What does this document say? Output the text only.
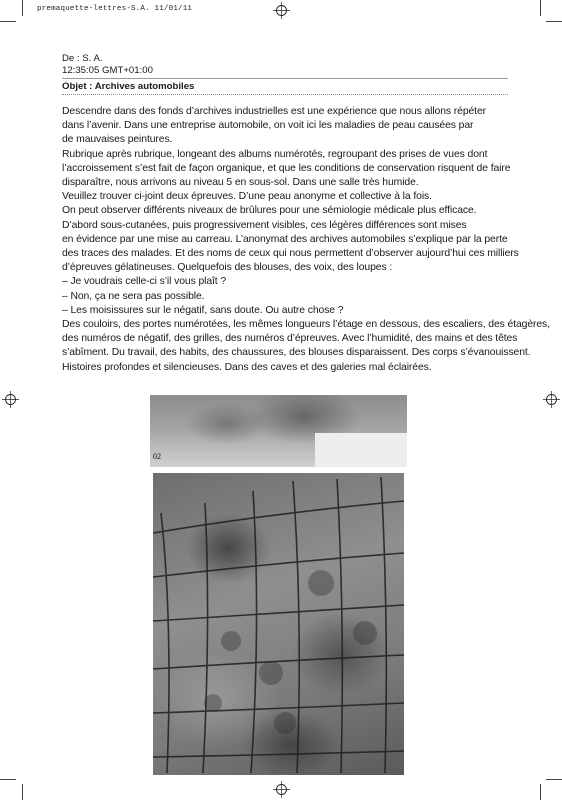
premaquette-lettres-S.A. 11/01/11
De : S. A.
12:35:05 GMT+01:00
Objet : Archives automobiles

Descendre dans des fonds d’archives industrielles est une expérience que nous allons répéter

dans l’avenir. Dans une entreprise automobile, on voit ici les maladies de peau causées par

de mauvaises peintures.

Rubrique après rubrique, longeant des albums numérotés, regroupant des prises de vues dont

l’accroissement s’est fait de façon organique, et que les conditions de conservation risquent de faire

disparaître, nous arrivons au niveau 5 en sous-sol. Dans une salle très humide.

Veuillez trouver ci-joint deux épreuves. D’une peau anonyme et collective à la fois.

On peut observer différents niveaux de brûlures pour une sémiologie médicale plus efficace.

D’abord sous-cutanées, puis progressivement visibles, ces légères différences sont mises

en évidence par une mise au carreau. L’anonymat des archives automobiles s’explique par la perte

des traces des malades. Et des noms de ceux qui nous permettent d’observer aujourd’hui ces milliers

d’épreuves gélatineuses. Quelquefois des blouses, des voix, des loupes :

– Je voudrais celle-ci s’il vous plaît ?

– Non, ça ne sera pas possible.

– Les moisissures sur le négatif, sans doute. Ou autre chose ?

Des couloirs, des portes numérotées, les mêmes longueurs l’étage en dessous, des escaliers, des étagères,

des numéros de négatif, des grilles, des numéros d’épreuves. Avec l’humidité, des mains et des têtes

s’abîment. Du travail, des habits, des chaussures, des blouses disparaissent. Des corps s’évanouissent.

Histoires profondes et silencieuses. Dans des caves et des galeries mal éclairées.

02
